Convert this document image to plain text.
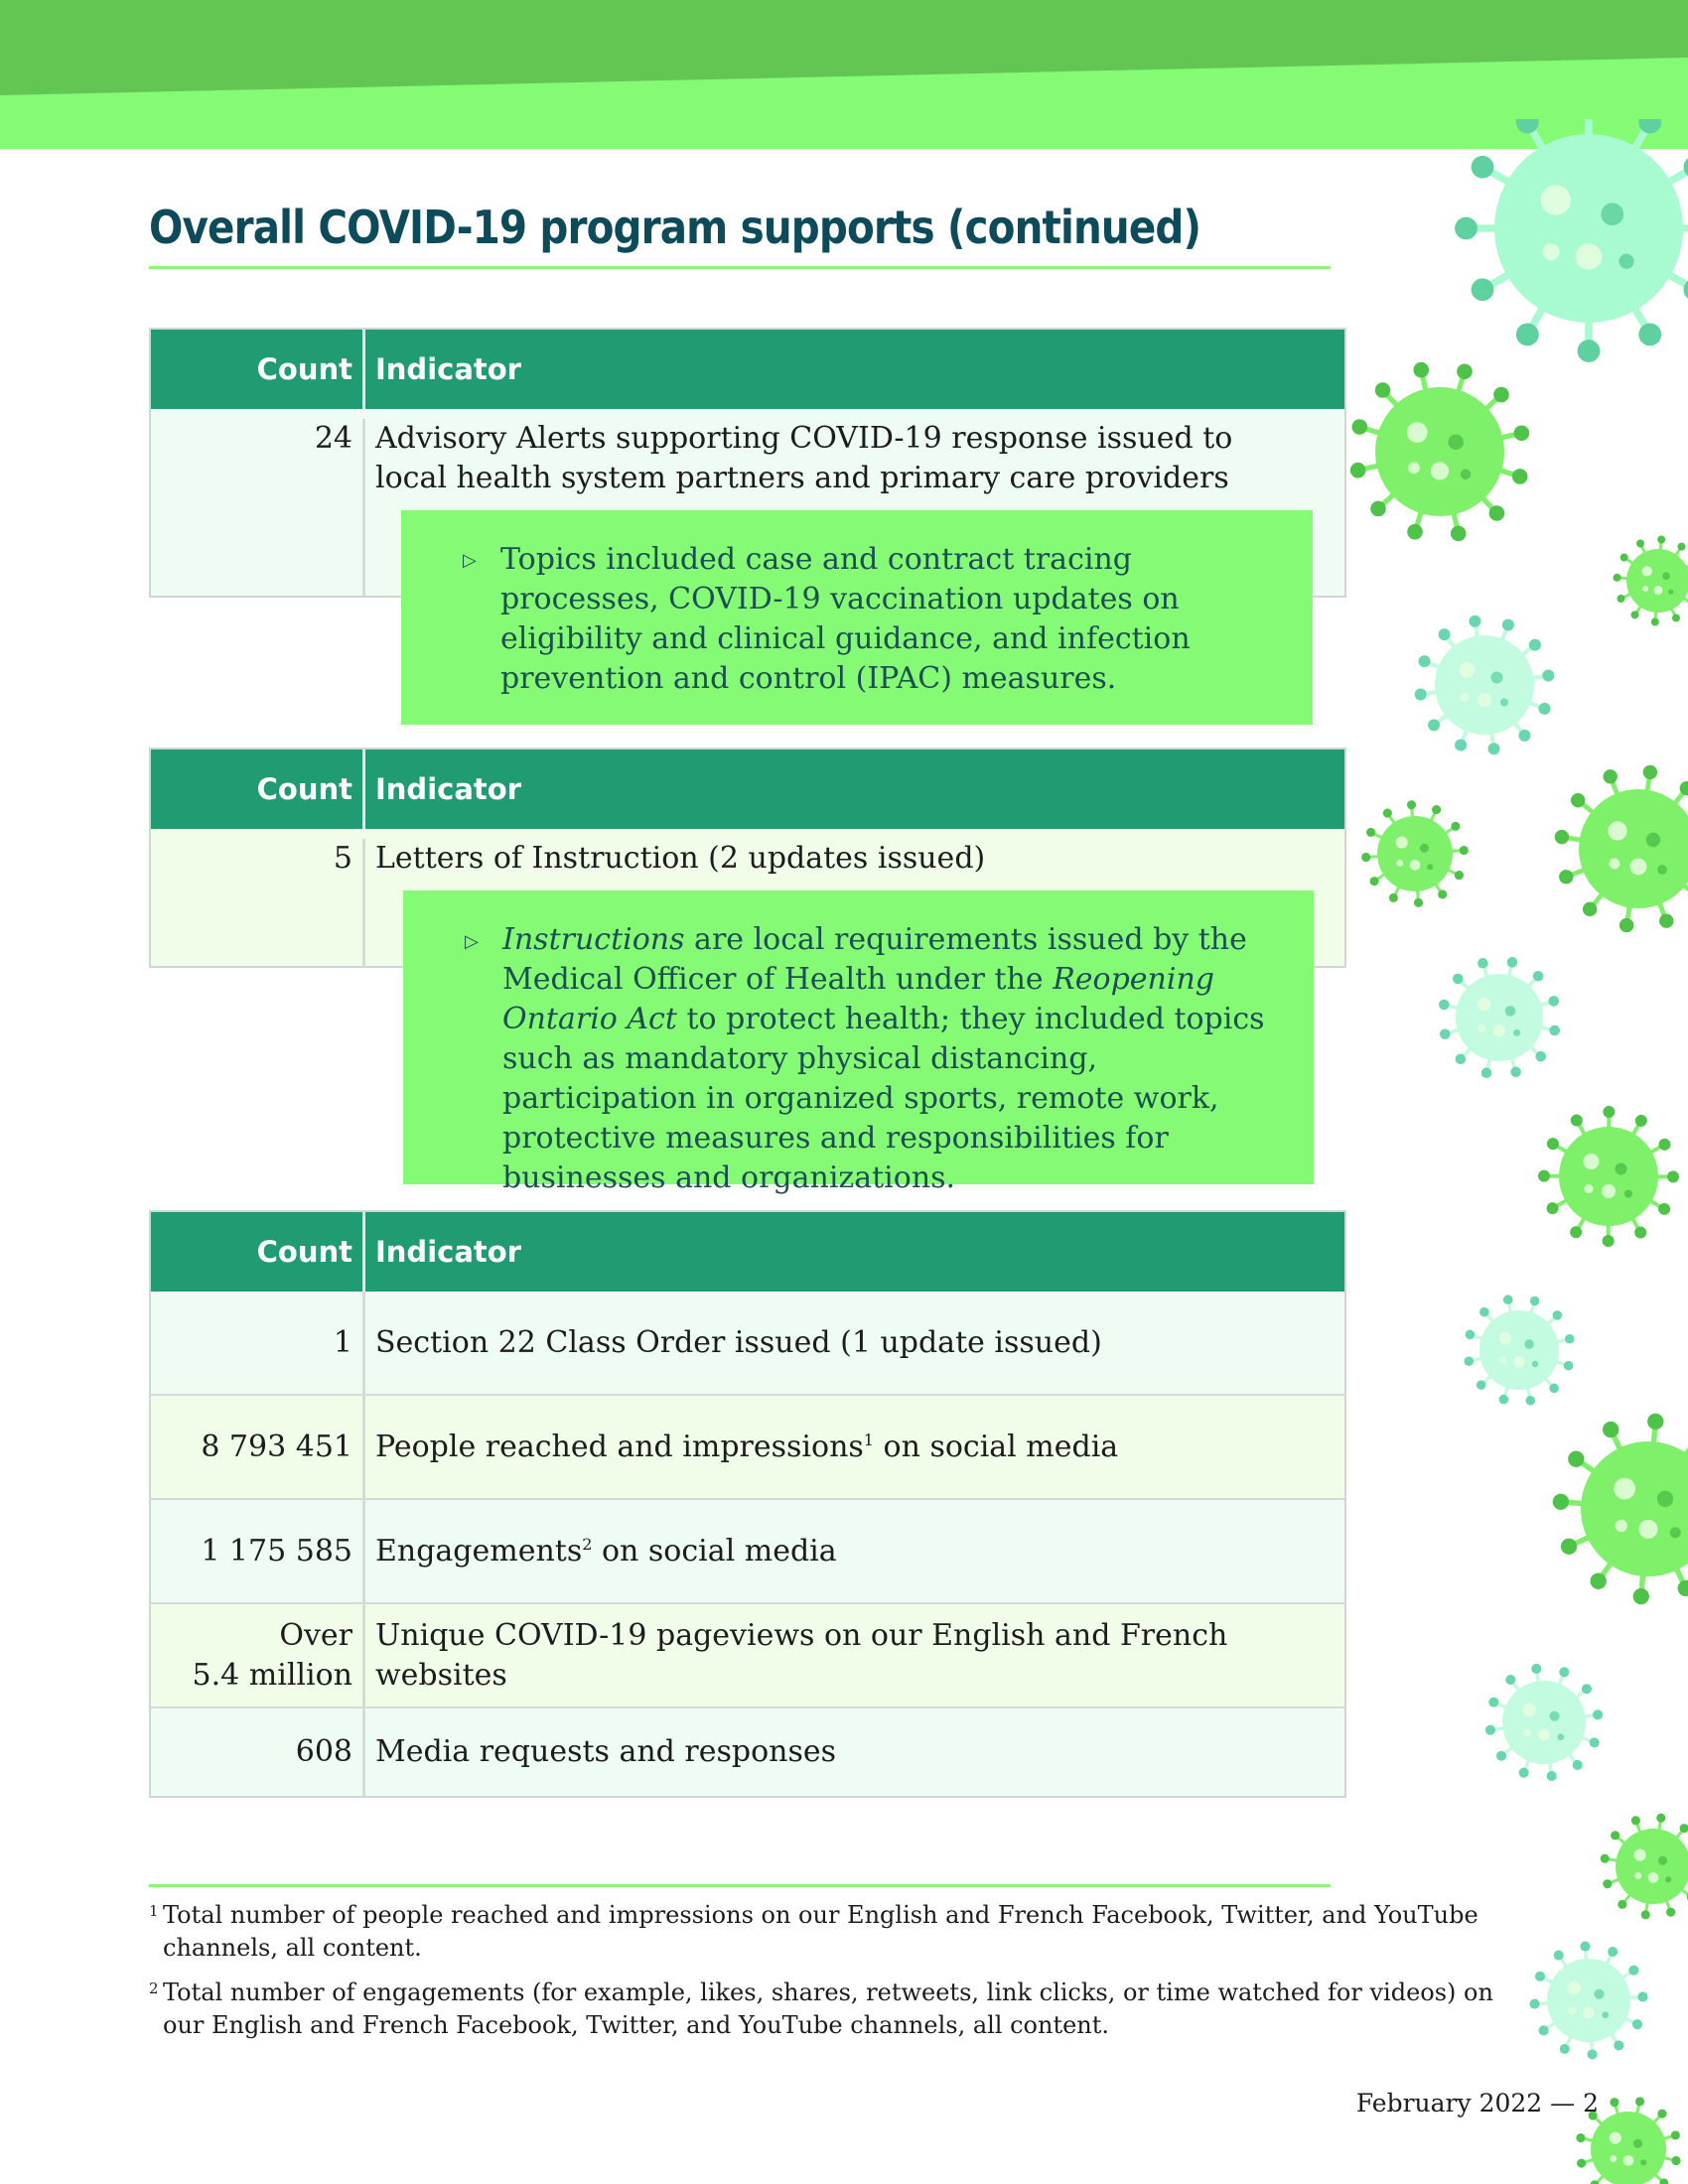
Overall COVID-19 program supports (continued)
Count Indicator
24 Advisory Alerts supporting COVID-19 response issued to local health system partners and primary care providers
▷ Topics included case and contract tracing processes, COVID-19 vaccination updates on eligibility and clinical guidance, and infection prevention and control (IPAC) measures.
Count Indicator
5 Letters of Instruction (2 updates issued)
▷ Instructions are local requirements issued by the Medical Officer of Health under the Reopening Ontario Act to protect health; they included topics such as mandatory physical distancing, participation in organized sports, remote work, protective measures and responsibilities for businesses and organizations.
Count Indicator
1 Section 22 Class Order issued (1 update issued)
8 793 451 People reached and impressions$^1$ on social media
1 175 585 Engagements$^2$ on social media
Over
5.4 million
Unique COVID-19 pageviews on our English and French websites
608 Media requests and responses
1 Total number of people reached and impressions on our English and French Facebook, Twitter, and YouTube channels, all content.
2 Total number of engagements (for example, likes, shares, retweets, link clicks, or time watched for videos) on our English and French Facebook, Twitter, and YouTube channels, all content.
February 2022 — 2
